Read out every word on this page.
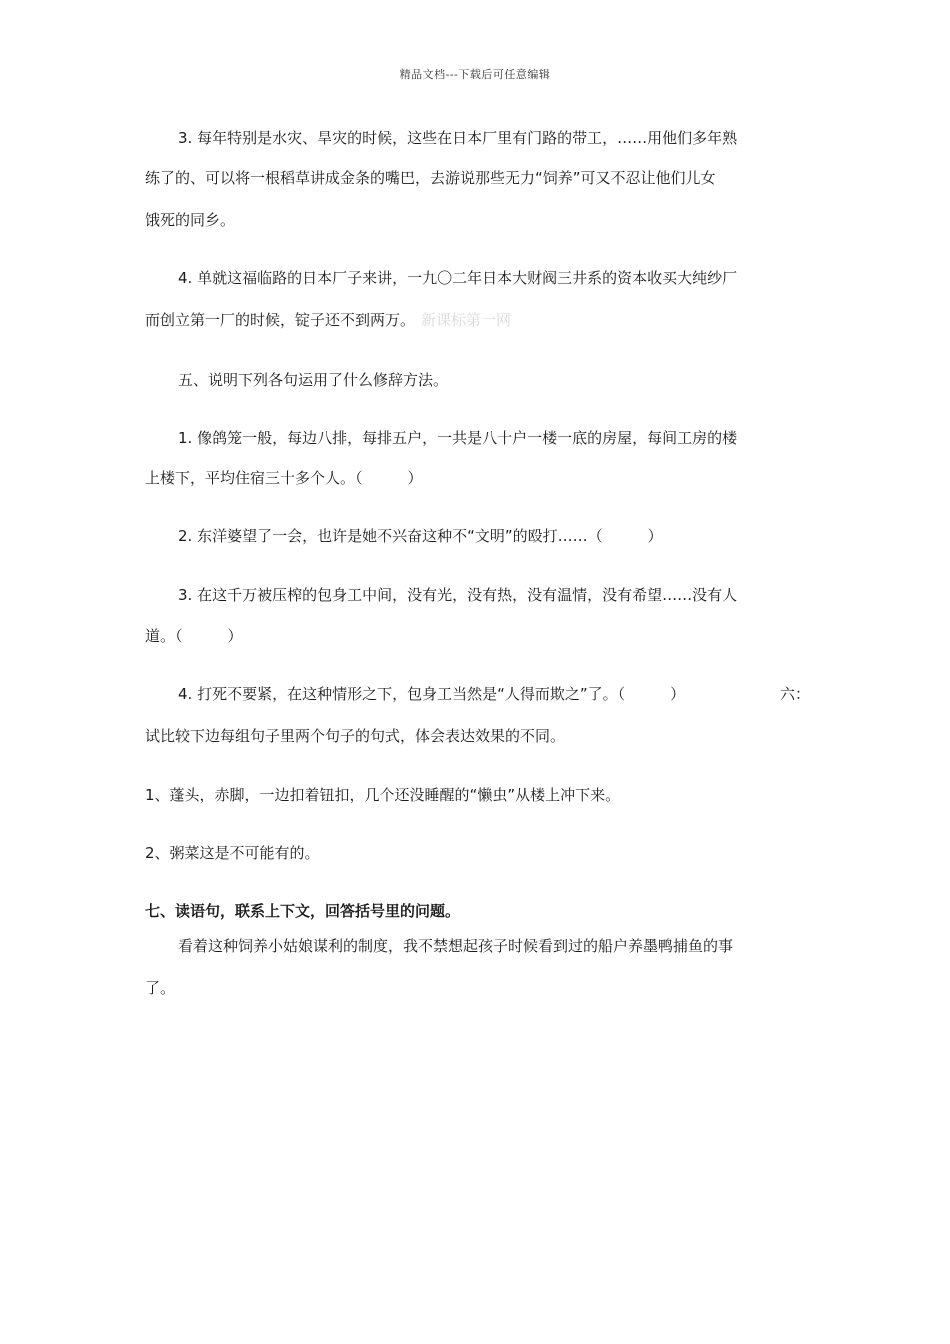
精品文档---下载后可任意编辑
3. 每年特别是水灾、旱灾的时候，这些在日本厂里有门路的带工，……用他们多年熟
练了的、可以将一根稻草讲成金条的嘴巴，去游说那些无力“饲养”可又不忍让他们儿女
饿死的同乡。
4. 单就这福临路的日本厂子来讲，一九〇二年日本大财阀三井系的资本收买大纯纱厂
而创立第一厂的时候，锭子还不到两万。 新课标第一网
五、说明下列各句运用了什么修辞方法。
1. 像鸽笼一般，每边八排，每排五户，一共是八十户一楼一底的房屋，每间工房的楼
上楼下，平均住宿三十多个人。（　　　）
2. 东洋婆望了一会，也许是她不兴奋这种不“文明”的殴打……（　　　）
3. 在这千万被压榨的包身工中间，没有光，没有热，没有温情，没有希望……没有人
道。（　　　）
4. 打死不要紧，在这种情形之下，包身工当然是“人得而欺之”了。（　　　）	六：
试比较下边每组句子里两个句子的句式，体会表达效果的不同。
1、蓬头，赤脚，一边扣着钮扣，几个还没睡醒的“懒虫”从楼上冲下来。
2、粥菜这是不可能有的。
七、读语句，联系上下文，回答括号里的问题。
看着这种饲养小姑娘谋利的制度，我不禁想起孩子时候看到过的船户养墨鸭捕鱼的事
了。
